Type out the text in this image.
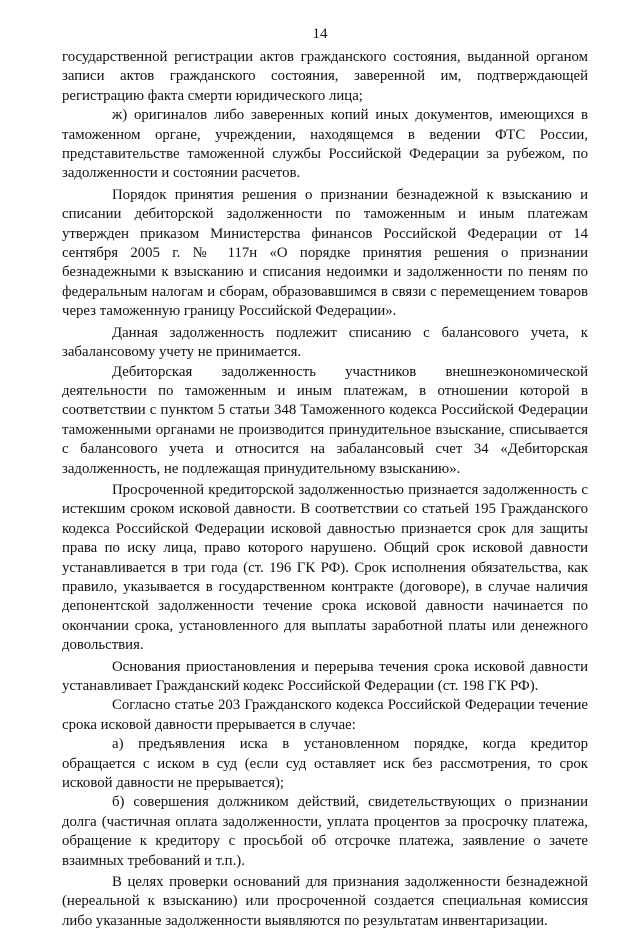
14

государственной регистрации актов гражданского состояния, выданной органом записи актов гражданского состояния, заверенной им, подтверждающей регистрацию факта смерти юридического лица;

ж) оригиналов либо заверенных копий иных документов, имеющихся в таможенном органе, учреждении, находящемся в ведении ФТС России, представительстве таможенной службы Российской Федерации за рубежом, по задолженности и состоянии расчетов.

Порядок принятия решения о признании безнадежной к взысканию и списании дебиторской задолженности по таможенным и иным платежам утвержден приказом Министерства финансов Российской Федерации от 14 сентября 2005 г. № 117н «О порядке принятия решения о признании безнадежными к взысканию и списания недоимки и задолженности по пеням по федеральным налогам и сборам, образовавшимся в связи с перемещением товаров через таможенную границу Российской Федерации».

Данная задолженность подлежит списанию с балансового учета, к забалансовому учету не принимается.

Дебиторская задолженность участников внешнеэкономической деятельности по таможенным и иным платежам, в отношении которой в соответствии с пунктом 5 статьи 348 Таможенного кодекса Российской Федерации таможенными органами не производится принудительное взыскание, списывается с балансового учета и относится на забалансовый счет 34 «Дебиторская задолженность, не подлежащая принудительному взысканию».

Просроченной кредиторской задолженностью признается задолженность с истекшим сроком исковой давности. В соответствии со статьей 195 Гражданского кодекса Российской Федерации исковой давностью признается срок для защиты права по иску лица, право которого нарушено. Общий срок исковой давности устанавливается в три года (ст. 196 ГК РФ). Срок исполнения обязательства, как правило, указывается в государственном контракте (договоре), в случае наличия депонентской задолженности течение срока исковой давности начинается по окончании срока, установленного для выплаты заработной платы или денежного довольствия.

Основания приостановления и перерыва течения срока исковой давности устанавливает Гражданский кодекс Российской Федерации (ст. 198 ГК РФ).

Согласно статье 203 Гражданского кодекса Российской Федерации течение срока исковой давности прерывается в случае:

а) предъявления иска в установленном порядке, когда кредитор обращается с иском в суд (если суд оставляет иск без рассмотрения, то срок исковой давности не прерывается);

б) совершения должником действий, свидетельствующих о признании долга (частичная оплата задолженности, уплата процентов за просрочку платежа, обращение к кредитору с просьбой об отсрочке платежа, заявление о зачете взаимных требований и т.п.).

В целях проверки оснований для признания задолженности безнадежной (нереальной к взысканию) или просроченной создается специальная комиссия либо указанные задолженности выявляются по результатам инвентаризации.
